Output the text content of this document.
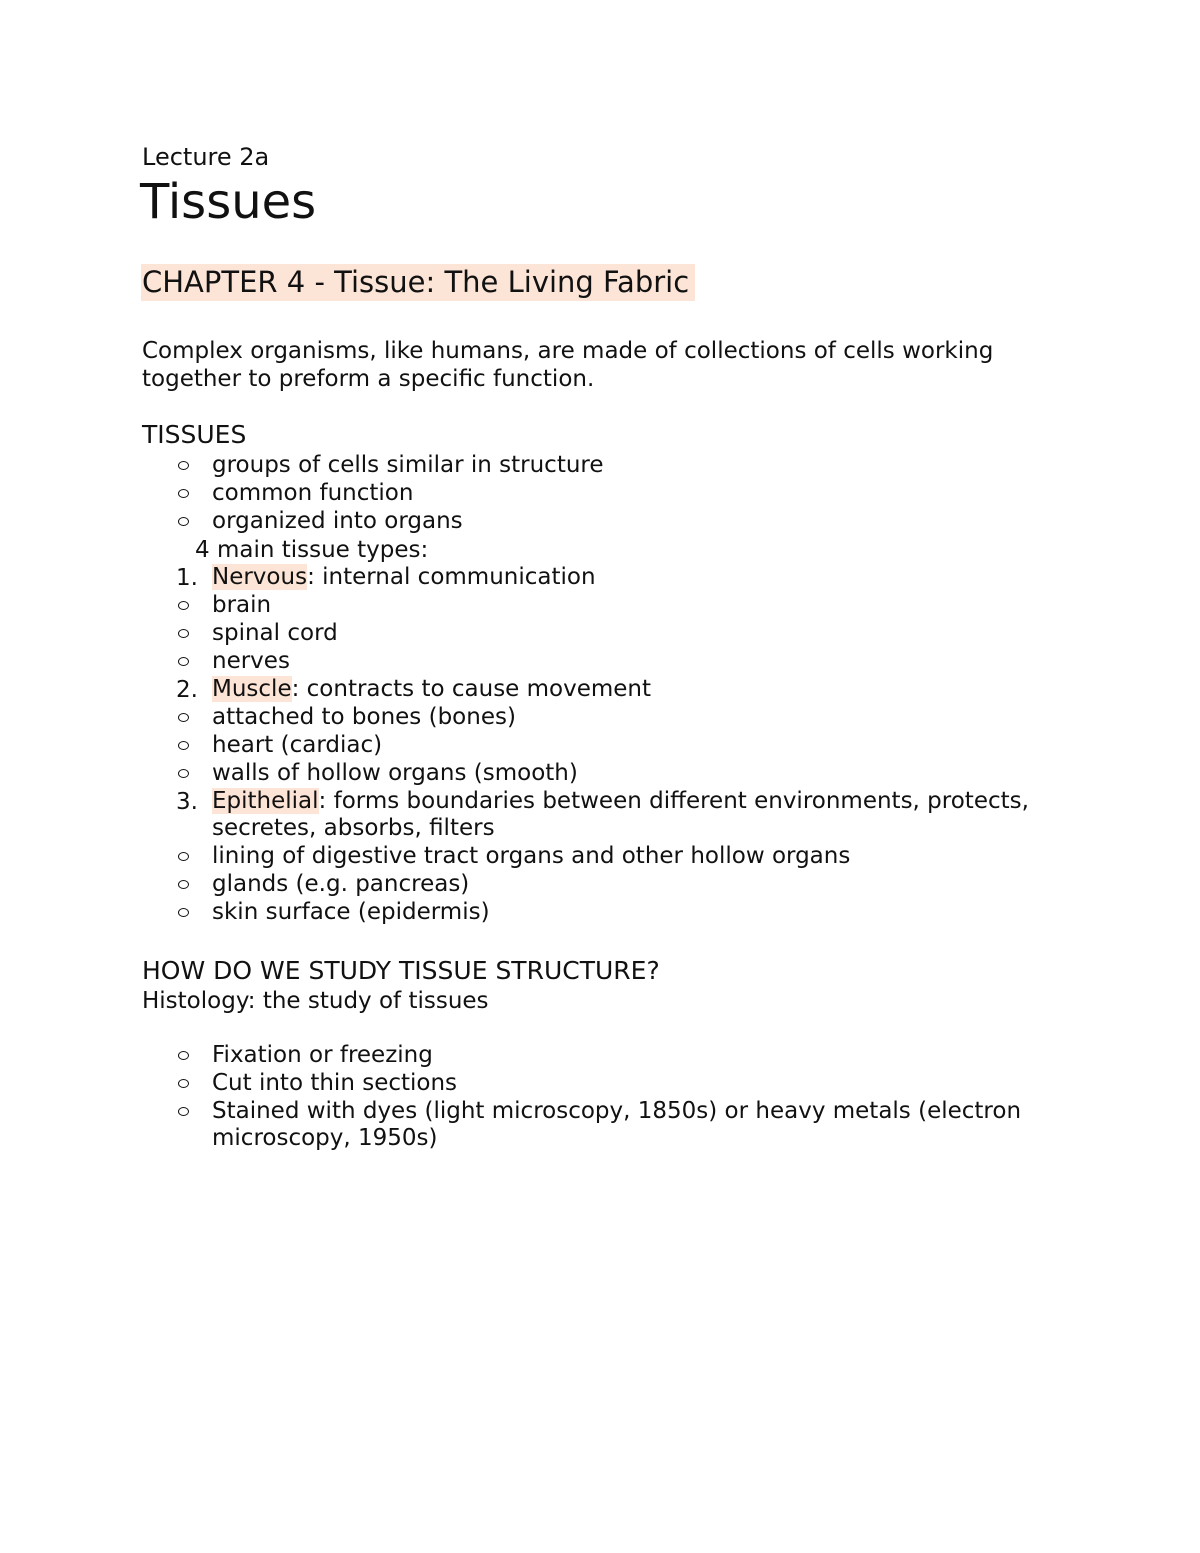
Lecture 2a

Tissues
CHAPTER 4 - Tissue: The Living Fabric

Complex organisms, like humans, are made of collections of cells working together to preform a specific function.

TISSUES
groups of cells similar in structure
common function
organized into organs
4 main tissue types:
1. Nervous: internal communication
brain
spinal cord
nerves
2. Muscle: contracts to cause movement
attached to bones (bones)
heart (cardiac)
walls of hollow organs (smooth)
3. Epithelial: forms boundaries between different environments, protects, secretes, absorbs, filters
lining of digestive tract organs and other hollow organs
glands (e.g. pancreas)
skin surface (epidermis)
HOW DO WE STUDY TISSUE STRUCTURE?

Histology: the study of tissues

Fixation or freezing
Cut into thin sections
Stained with dyes (light microscopy, 1850s) or heavy metals (electron microscopy, 1950s)
